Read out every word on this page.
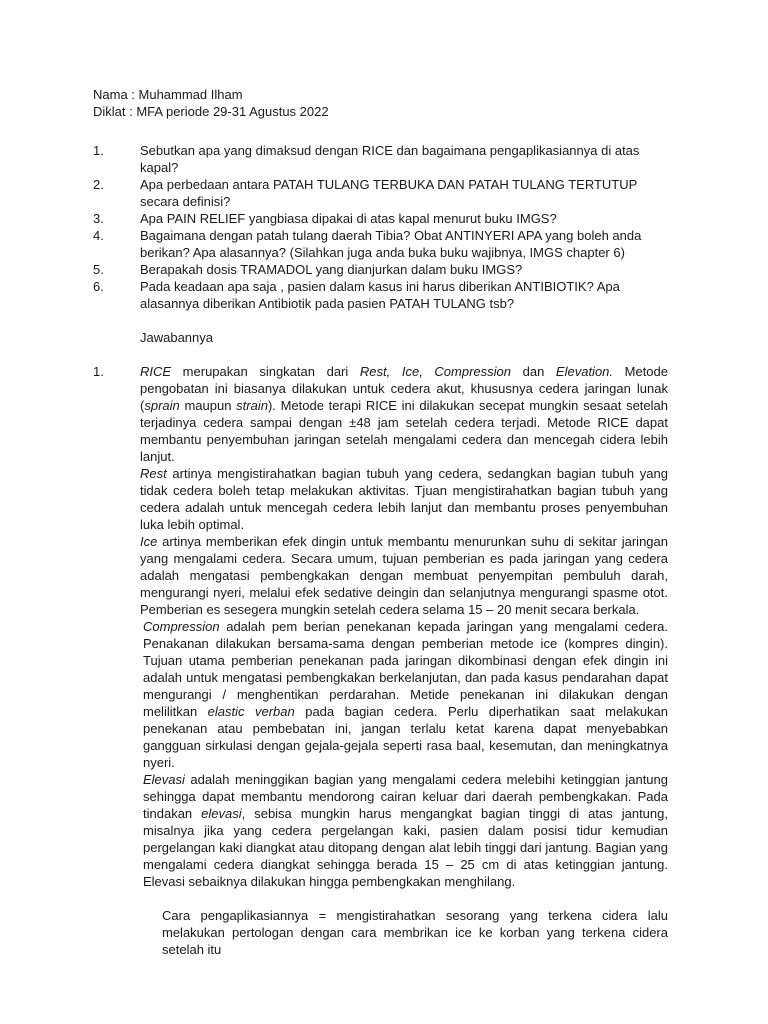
Nama : Muhammad Ilham
Diklat : MFA periode 29-31 Agustus 2022
1.	Sebutkan apa yang dimaksud dengan RICE dan bagaimana pengaplikasiannya di atas kapal?
2.	Apa perbedaan antara PATAH TULANG TERBUKA DAN PATAH TULANG TERTUTUP secara definisi?
3.	Apa PAIN RELIEF yangbiasa dipakai di atas kapal menurut buku IMGS?
4.	Bagaimana dengan patah tulang daerah Tibia? Obat ANTINYERI APA yang boleh anda berikan? Apa alasannya? (Silahkan juga anda buka buku wajibnya, IMGS chapter 6)
5.	Berapakah dosis TRAMADOL yang dianjurkan dalam buku IMGS?
6.	Pada keadaan apa saja , pasien dalam kasus ini harus diberikan ANTIBIOTIK? Apa alasannya diberikan Antibiotik pada pasien PATAH TULANG tsb?
Jawabannya
1.	RICE merupakan singkatan dari Rest, Ice, Compression dan Elevation. Metode pengobatan ini biasanya dilakukan untuk cedera akut, khususnya cedera jaringan lunak (sprain maupun strain). Metode terapi RICE ini dilakukan secepat mungkin sesaat setelah terjadinya cedera sampai dengan ±48 jam setelah cedera terjadi. Metode RICE dapat membantu penyembuhan jaringan setelah mengalami cedera dan mencegah cidera lebih lanjut.

Rest artinya mengistirahatkan bagian tubuh yang cedera, sedangkan bagian tubuh yang tidak cedera boleh tetap melakukan aktivitas. Tjuan mengistirahatkan bagian tubuh yang cedera adalah untuk mencegah cedera lebih lanjut dan membantu proses penyembuhan luka lebih optimal.

Ice artinya memberikan efek dingin untuk membantu menurunkan suhu di sekitar jaringan yang mengalami cedera. Secara umum, tujuan pemberian es pada jaringan yang cedera adalah mengatasi pembengkakan dengan membuat penyempitan pembuluh darah, mengurangi nyeri, melalui efek sedative deingin dan selanjutnya mengurangi spasme otot. Pemberian es sesegera mungkin setelah cedera selama 15 – 20 menit secara berkala.

Compression adalah pem berian penekanan kepada jaringan yang mengalami cedera. Penakanan dilakukan bersama-sama dengan pemberian metode ice (kompres dingin). Tujuan utama pemberian penekanan pada jaringan dikombinasi dengan efek dingin ini adalah untuk mengatasi pembengkakan berkelanjutan, dan pada kasus pendarahan dapat mengurangi / menghentikan perdarahan. Metide penekanan ini dilakukan dengan melilitkan elastic verban pada bagian cedera. Perlu diperhatikan saat melakukan penekanan atau pembebatan ini, jangan terlalu ketat karena dapat menyebabkan gangguan sirkulasi dengan gejala-gejala seperti rasa baal, kesemutan, dan meningkatnya nyeri.

Elevasi adalah meninggikan bagian yang mengalami cedera melebihi ketinggian jantung sehingga dapat membantu mendorong cairan keluar dari daerah pembengkakan. Pada tindakan elevasi, sebisa mungkin harus mengangkat bagian tinggi di atas jantung, misalnya jika yang cedera pergelangan kaki, pasien dalam posisi tidur kemudian pergelangan kaki diangkat atau ditopang dengan alat lebih tinggi dari jantung. Bagian yang mengalami cedera diangkat sehingga berada 15 – 25 cm di atas ketinggian jantung. Elevasi sebaiknya dilakukan hingga pembengkakan menghilang.

Cara pengaplikasiannya = mengistirahatkan sesorang yang terkena cidera lalu melakukan pertologan dengan cara membrikan ice ke korban yang terkena cidera setelah itu
